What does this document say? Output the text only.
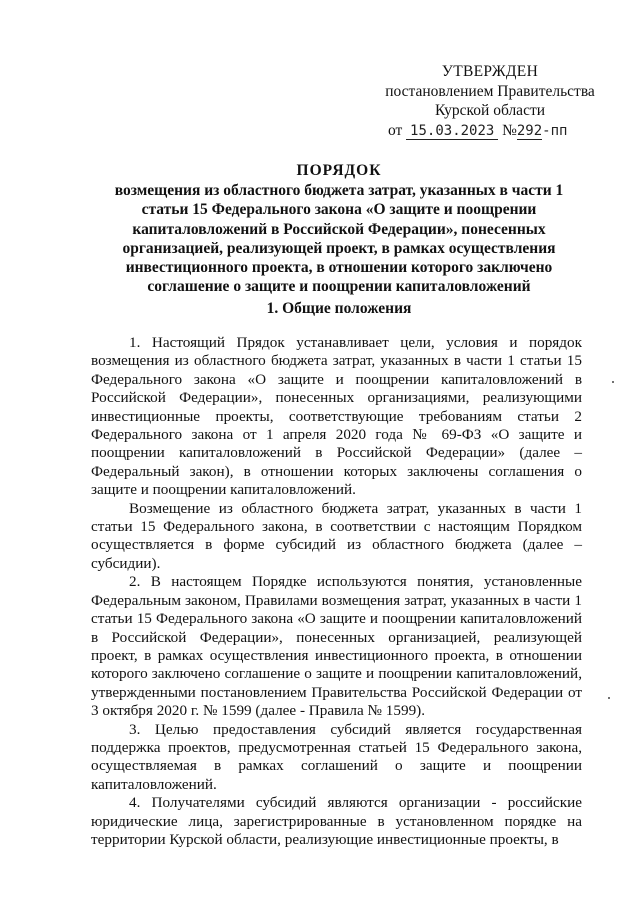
УТВЕРЖДЕН
постановлением Правительства
Курской области
от 15.03.2023 №292-пп
ПОРЯДОК
возмещения из областного бюджета затрат, указанных в части 1 статьи 15 Федерального закона «О защите и поощрении капиталовложений в Российской Федерации», понесенных организацией, реализующей проект, в рамках осуществления инвестиционного проекта, в отношении которого заключено соглашение о защите и поощрении капиталовложений
1. Общие положения

1. Настоящий Прядок устанавливает цели, условия и порядок возмещения из областного бюджета затрат, указанных в части 1 статьи 15 Федерального закона «О защите и поощрении капиталовложений в Российской Федерации», понесенных организациями, реализующими инвестиционные проекты, соответствующие требованиям статьи 2 Федерального закона от 1 апреля 2020 года № 69-ФЗ «О защите и поощрении капиталовложений в Российской Федерации» (далее – Федеральный закон), в отношении которых заключены соглашения о защите и поощрении капиталовложений.

Возмещение из областного бюджета затрат, указанных в части 1 статьи 15 Федерального закона, в соответствии с настоящим Порядком осуществляется в форме субсидий из областного бюджета (далее – субсидии).

2. В настоящем Порядке используются понятия, установленные Федеральным законом, Правилами возмещения затрат, указанных в части 1 статьи 15 Федерального закона «О защите и поощрении капиталовложений в Российской Федерации», понесенных организацией, реализующей проект, в рамках осуществления инвестиционного проекта, в отношении которого заключено соглашение о защите и поощрении капиталовложений, утвержденными постановлением Правительства Российской Федерации от 3 октября 2020 г. № 1599 (далее - Правила № 1599).

3. Целью предоставления субсидий является государственная поддержка проектов, предусмотренная статьей 15 Федерального закона, осуществляемая в рамках соглашений о защите и поощрении капиталовложений.

4. Получателями субсидий являются организации - российские юридические лица, зарегистрированные в установленном порядке на территории Курской области, реализующие инвестиционные проекты, в
